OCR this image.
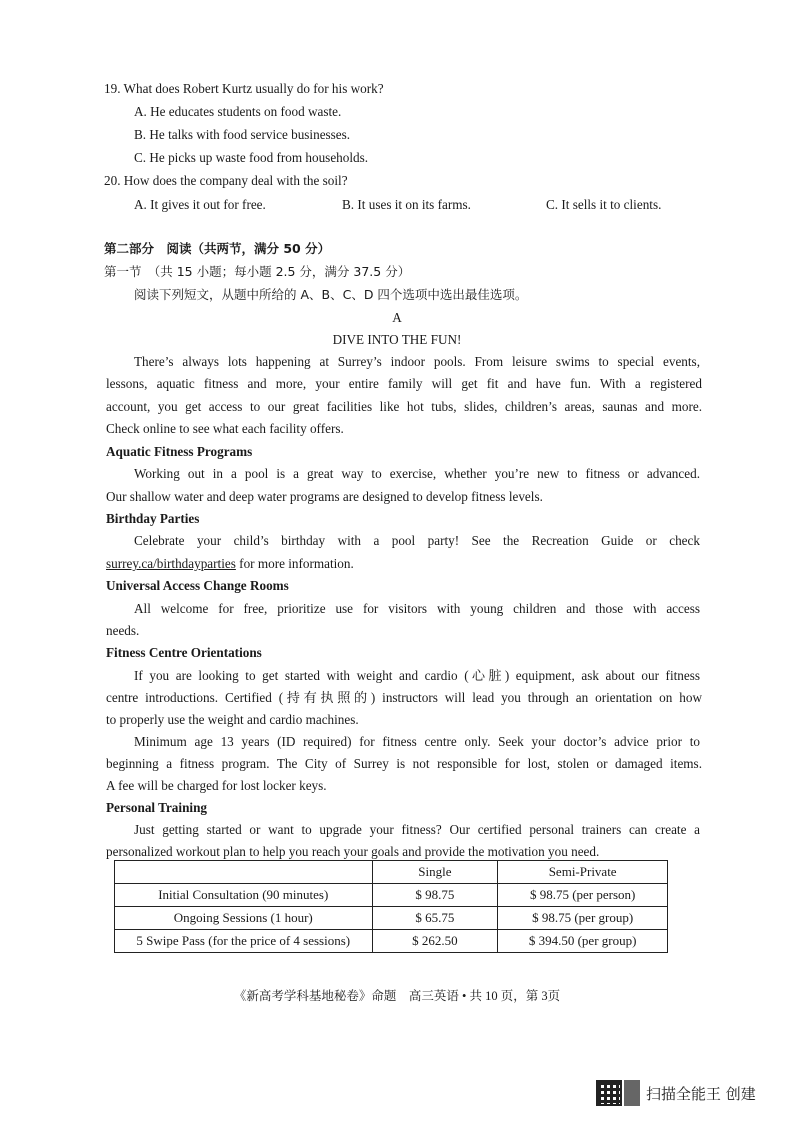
19. What does Robert Kurtz usually do for his work?
A. He educates students on food waste.
B. He talks with food service businesses.
C. He picks up waste food from households.
20. How does the company deal with the soil?
A. It gives it out for free.	B. It uses it on its farms.	C. It sells it to clients.
第二部分　阅读（共两节，满分 50 分）
第一节　（共 15 小题；每小题 2.5 分，满分 37.5 分）
阅读下列短文，从题中所给的 A、B、C、D 四个选项中选出最佳选项。
A
DIVE INTO THE FUN!
There’s always lots happening at Surrey’s indoor pools. From leisure swims to special events,
lessons, aquatic fitness and more, your entire family will get fit and have fun. With a registered
account, you get access to our great facilities like hot tubs, slides, children’s areas, saunas and more.
Check online to see what each facility offers.
Aquatic Fitness Programs
Working out in a pool is a great way to exercise, whether you’re new to fitness or advanced.
Our shallow water and deep water programs are designed to develop fitness levels.
Birthday Parties
Celebrate your child’s birthday with a pool party! See the Recreation Guide or check
surrey.ca/birthdayparties for more information.
Universal Access Change Rooms
All welcome for free, prioritize use for visitors with young children and those with access
needs.
Fitness Centre Orientations
If you are looking to get started with weight and cardio (心脏) equipment, ask about our fitness
centre introductions. Certified (持有执照的) instructors will lead you through an orientation on how
to properly use the weight and cardio machines.
Minimum age 13 years (ID required) for fitness centre only. Seek your doctor’s advice prior to
beginning a fitness program. The City of Surrey is not responsible for lost, stolen or damaged items.
A fee will be charged for lost locker keys.
Personal Training
Just getting started or want to upgrade your fitness? Our certified personal trainers can create a
personalized workout plan to help you reach your goals and provide the motivation you need.
	Single	Semi-Private
Initial Consultation (90 minutes)	$ 98.75	$ 98.75 (per person)
Ongoing Sessions (1 hour)	$ 65.75	$ 98.75 (per group)
5 Swipe Pass (for the price of 4 sessions)	$ 262.50	$ 394.50 (per group)
《新高考学科基地秘卷》命题　高三英语 • 共 10 页，第 3页
扫描全能王 创建
